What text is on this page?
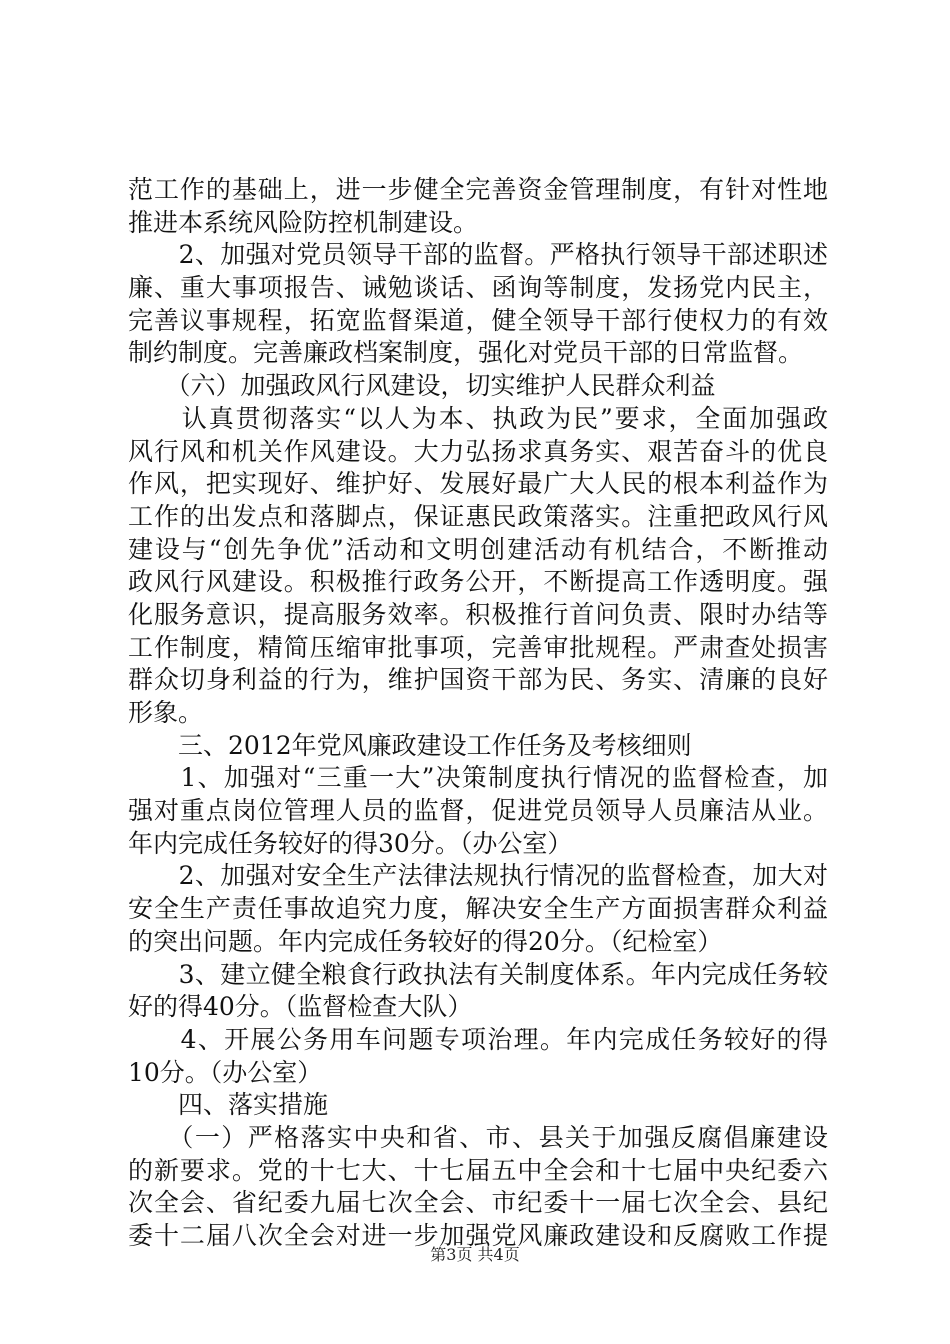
范工作的基础上，进一步健全完善资金管理制度，有针对性地
推进本系统风险防控机制建设。
　　2、加强对党员领导干部的监督。严格执行领导干部述职述
廉、重大事项报告、诫勉谈话、函询等制度，发扬党内民主，
完善议事规程，拓宽监督渠道，健全领导干部行使权力的有效
制约制度。完善廉政档案制度，强化对党员干部的日常监督。
　　（六）加强政风行风建设，切实维护人民群众利益
　　认真贯彻落实“以人为本、执政为民”要求，全面加强政
风行风和机关作风建设。大力弘扬求真务实、艰苦奋斗的优良
作风，把实现好、维护好、发展好最广大人民的根本利益作为
工作的出发点和落脚点，保证惠民政策落实。注重把政风行风
建设与“创先争优”活动和文明创建活动有机结合，不断推动
政风行风建设。积极推行政务公开，不断提高工作透明度。强
化服务意识，提高服务效率。积极推行首问负责、限时办结等
工作制度，精简压缩审批事项，完善审批规程。严肃查处损害
群众切身利益的行为，维护国资干部为民、务实、清廉的良好
形象。
　　三、2012年党风廉政建设工作任务及考核细则
　　1、加强对“三重一大”决策制度执行情况的监督检查，加
强对重点岗位管理人员的监督，促进党员领导人员廉洁从业。
年内完成任务较好的得30分。（办公室）
　　2、加强对安全生产法律法规执行情况的监督检查，加大对
安全生产责任事故追究力度，解决安全生产方面损害群众利益
的突出问题。年内完成任务较好的得20分。（纪检室）
　　3、建立健全粮食行政执法有关制度体系。年内完成任务较
好的得40分。（监督检查大队）
　　4、开展公务用车问题专项治理。年内完成任务较好的得
10分。（办公室）
　　四、落实措施
　　（一）严格落实中央和省、市、县关于加强反腐倡廉建设
的新要求。党的十七大、十七届五中全会和十七届中央纪委六
次全会、省纪委九届七次全会、市纪委十一届七次全会、县纪
委十二届八次全会对进一步加强党风廉政建设和反腐败工作提
第3页 共4页
